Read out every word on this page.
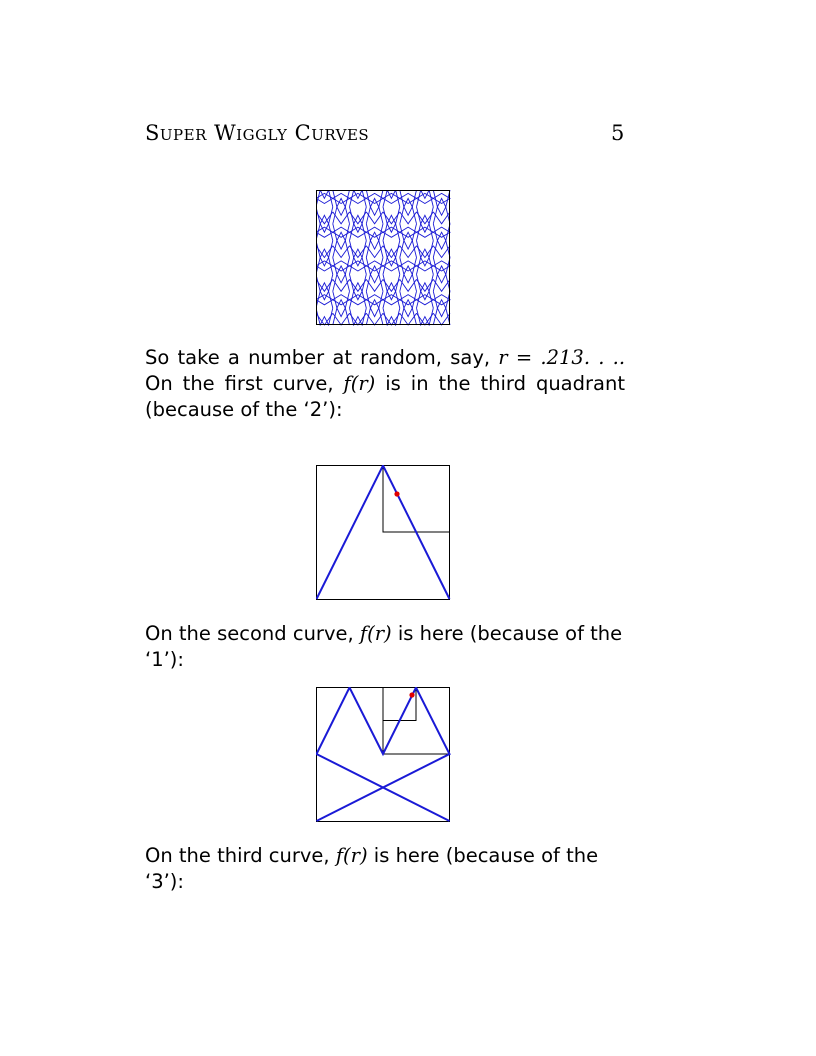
SUPER WIGGLY CURVES	5
So take a number at random, say, r = .213. . .. On the first curve, f(r) is in the third quadrant (because of the ‘2’):
On the second curve, f(r) is here (because of the ‘1’):
On the third curve, f(r) is here (because of the ‘3’):
